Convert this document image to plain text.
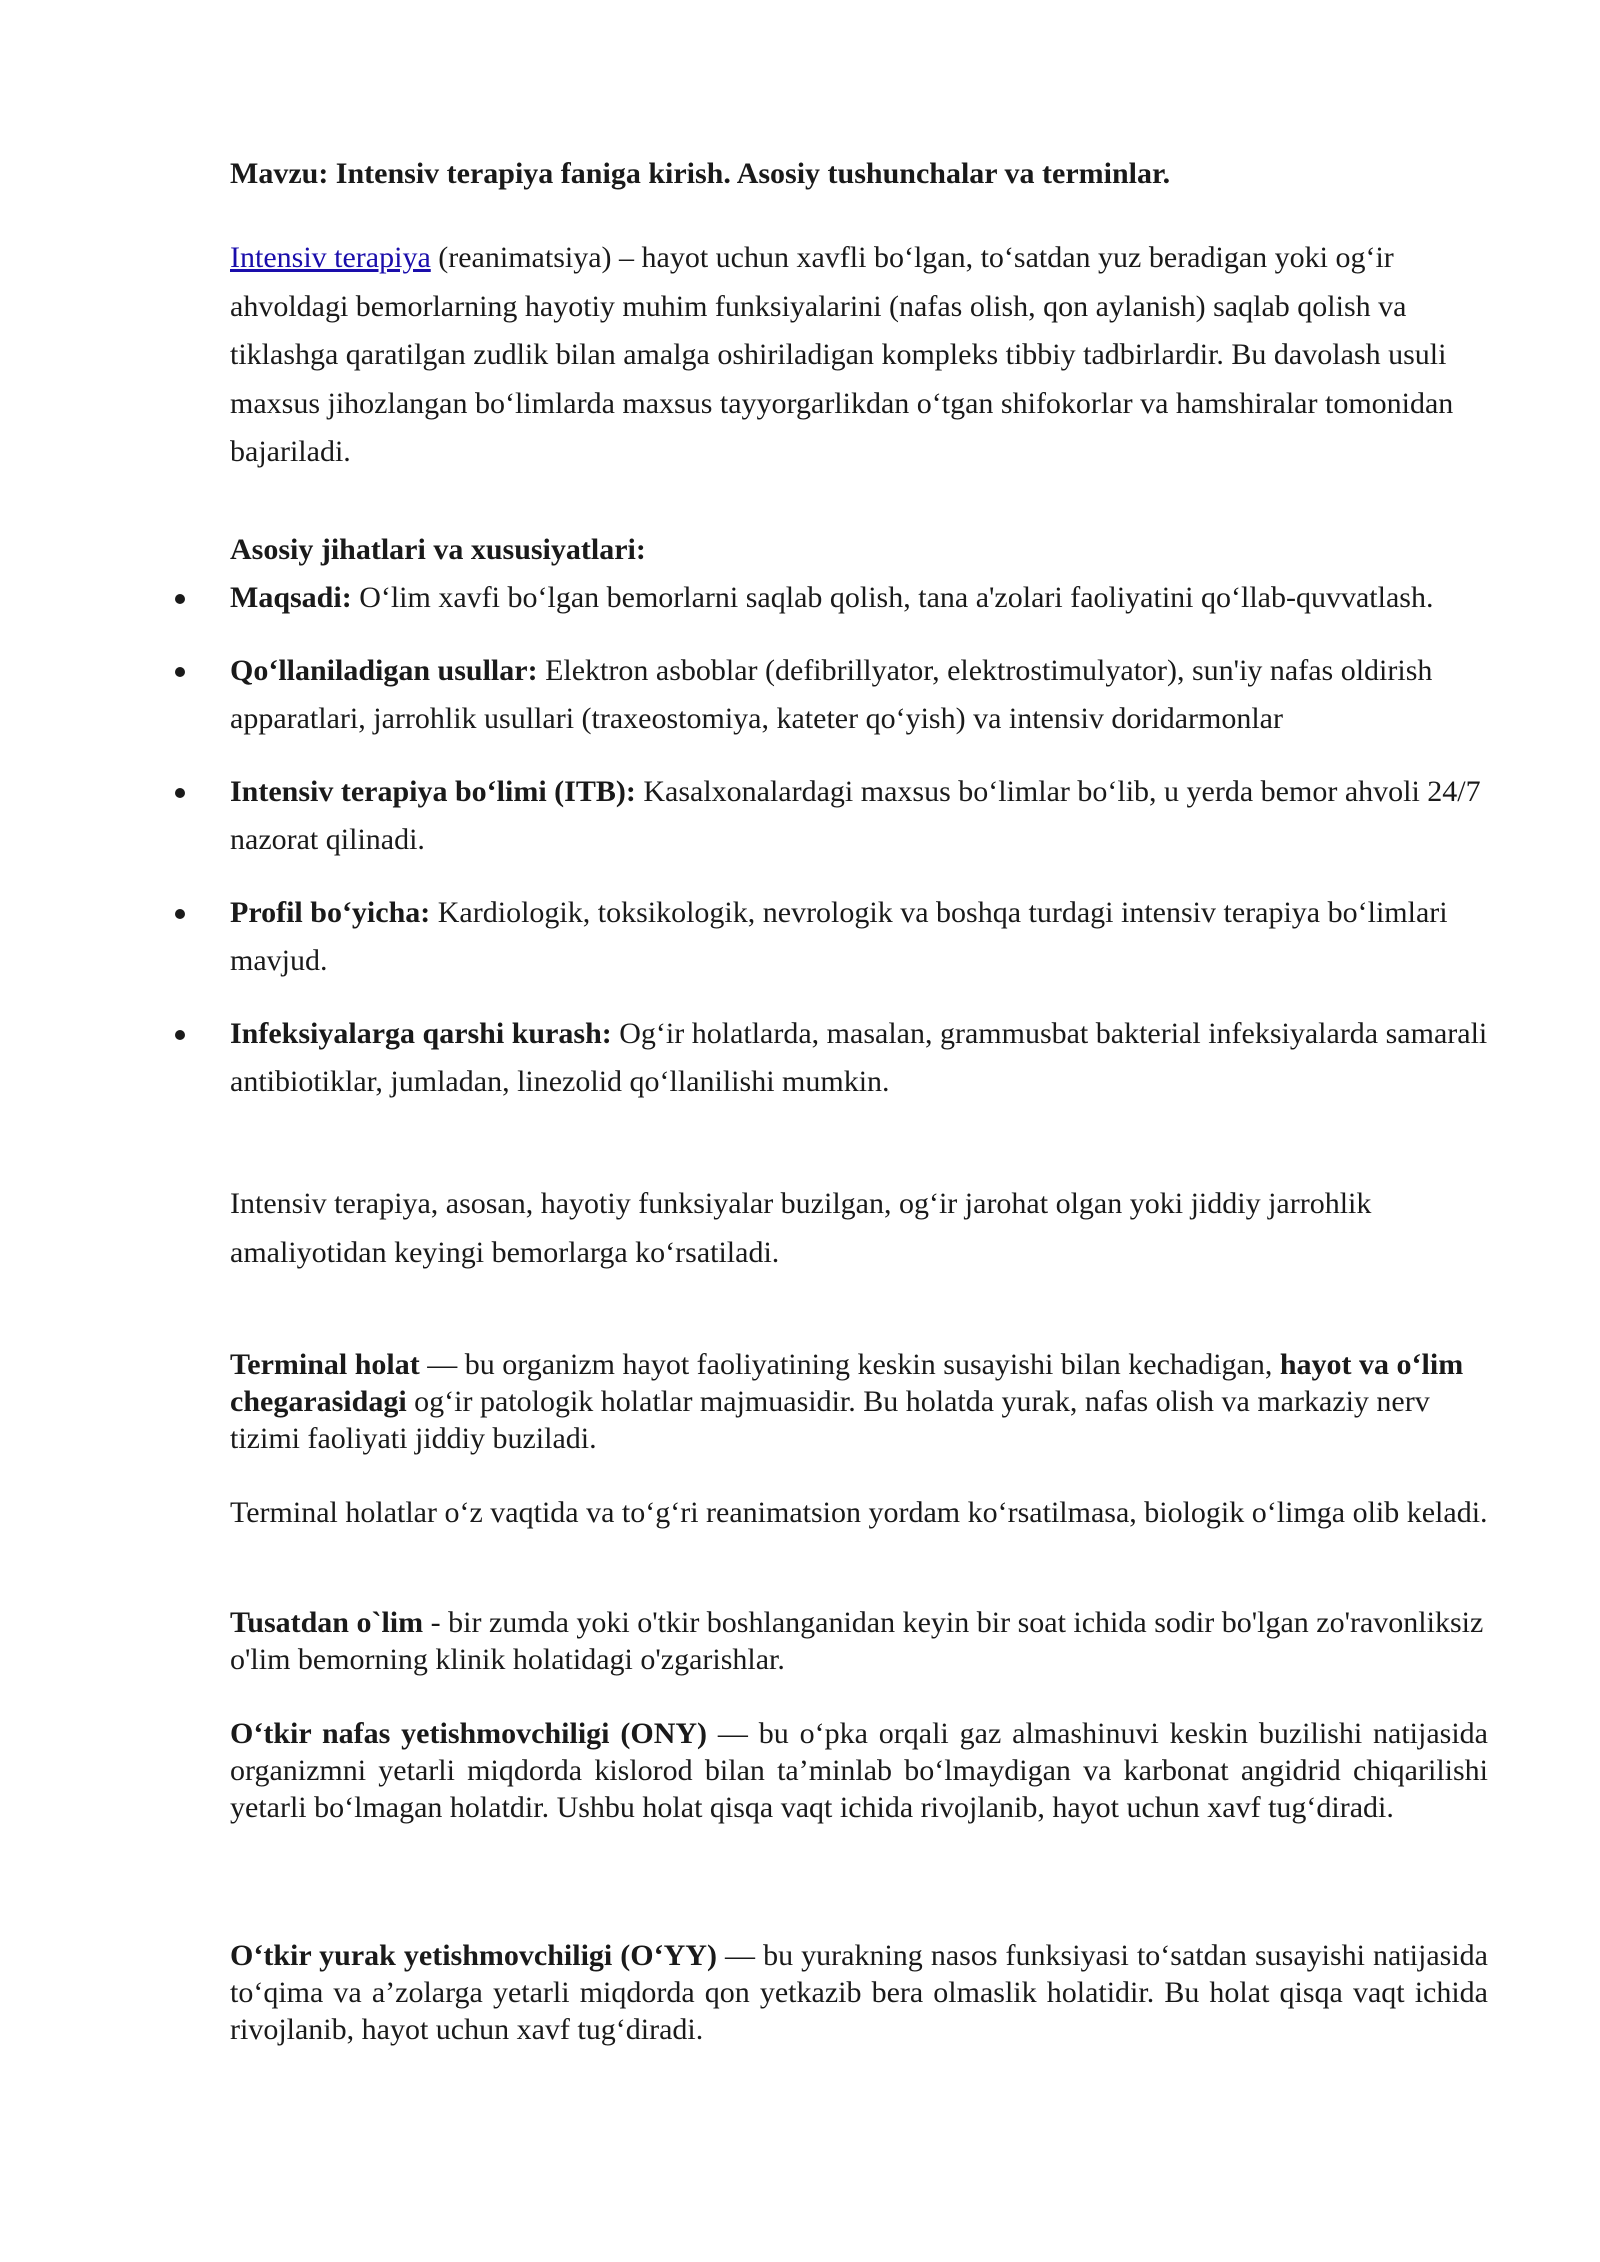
Mavzu: Intensiv terapiya faniga kirish. Asosiy tushunchalar va terminlar.

Intensiv terapiya (reanimatsiya) – hayot uchun xavfli bo‘lgan, to‘satdan yuz beradigan yoki og‘ir ahvoldagi bemorlarning hayotiy muhim funksiyalarini (nafas olish, qon aylanish) saqlab qolish va tiklashga qaratilgan zudlik bilan amalga oshiriladigan kompleks tibbiy tadbirlardir. Bu davolash usuli maxsus jihozlangan bo‘limlarda maxsus tayyorgarlikdan o‘tgan shifokorlar va hamshiralar tomonidan bajariladi.

Asosiy jihatlari va xususiyatlari:

Maqsadi: O‘lim xavfi bo‘lgan bemorlarni saqlab qolish, tana a'zolari faoliyatini qo‘llab-quvvatlash.
Qo‘llaniladigan usullar: Elektron asboblar (defibrillyator, elektrostimulyator), sun'iy nafas oldirish apparatlari, jarrohlik usullari (traxeostomiya, kateter qo‘yish) va intensiv doridarmonlar
Intensiv terapiya bo‘limi (ITB): Kasalxonalardagi maxsus bo‘limlar bo‘lib, u yerda bemor ahvoli 24/7 nazorat qilinadi.
Profil bo‘yicha: Kardiologik, toksikologik, nevrologik va boshqa turdagi intensiv terapiya bo‘limlari mavjud.
Infeksiyalarga qarshi kurash: Og‘ir holatlarda, masalan, grammusbat bakterial infeksiyalarda samarali antibiotiklar, jumladan, linezolid qo‘llanilishi mumkin.

Intensiv terapiya, asosan, hayotiy funksiyalar buzilgan, og‘ir jarohat olgan yoki jiddiy jarrohlik amaliyotidan keyingi bemorlarga ko‘rsatiladi.

Terminal holat — bu organizm hayot faoliyatining keskin susayishi bilan kechadigan, hayot va o‘lim chegarasidagi og‘ir patologik holatlar majmuasidir. Bu holatda yurak, nafas olish va markaziy nerv tizimi faoliyati jiddiy buziladi.

Terminal holatlar o‘z vaqtida va to‘g‘ri reanimatsion yordam ko‘rsatilmasa, biologik o‘limga olib keladi.

Tusatdan o`lim - bir zumda yoki o'tkir boshlanganidan keyin bir soat ichida sodir bo'lgan zo'ravonliksiz o'lim bemorning klinik holatidagi o'zgarishlar.

O‘tkir nafas yetishmovchiligi (ONY) — bu o‘pka orqali gaz almashinuvi keskin buzilishi natijasida organizmni yetarli miqdorda kislorod bilan ta’minlab bo‘lmaydigan va karbonat angidrid chiqarilishi yetarli bo‘lmagan holatdir. Ushbu holat qisqa vaqt ichida rivojlanib, hayot uchun xavf tug‘diradi.

O‘tkir yurak yetishmovchiligi (O‘YY) — bu yurakning nasos funksiyasi to‘satdan susayishi natijasida to‘qima va a’zolarga yetarli miqdorda qon yetkazib bera olmaslik holatidir. Bu holat qisqa vaqt ichida rivojlanib, hayot uchun xavf tug‘diradi.
